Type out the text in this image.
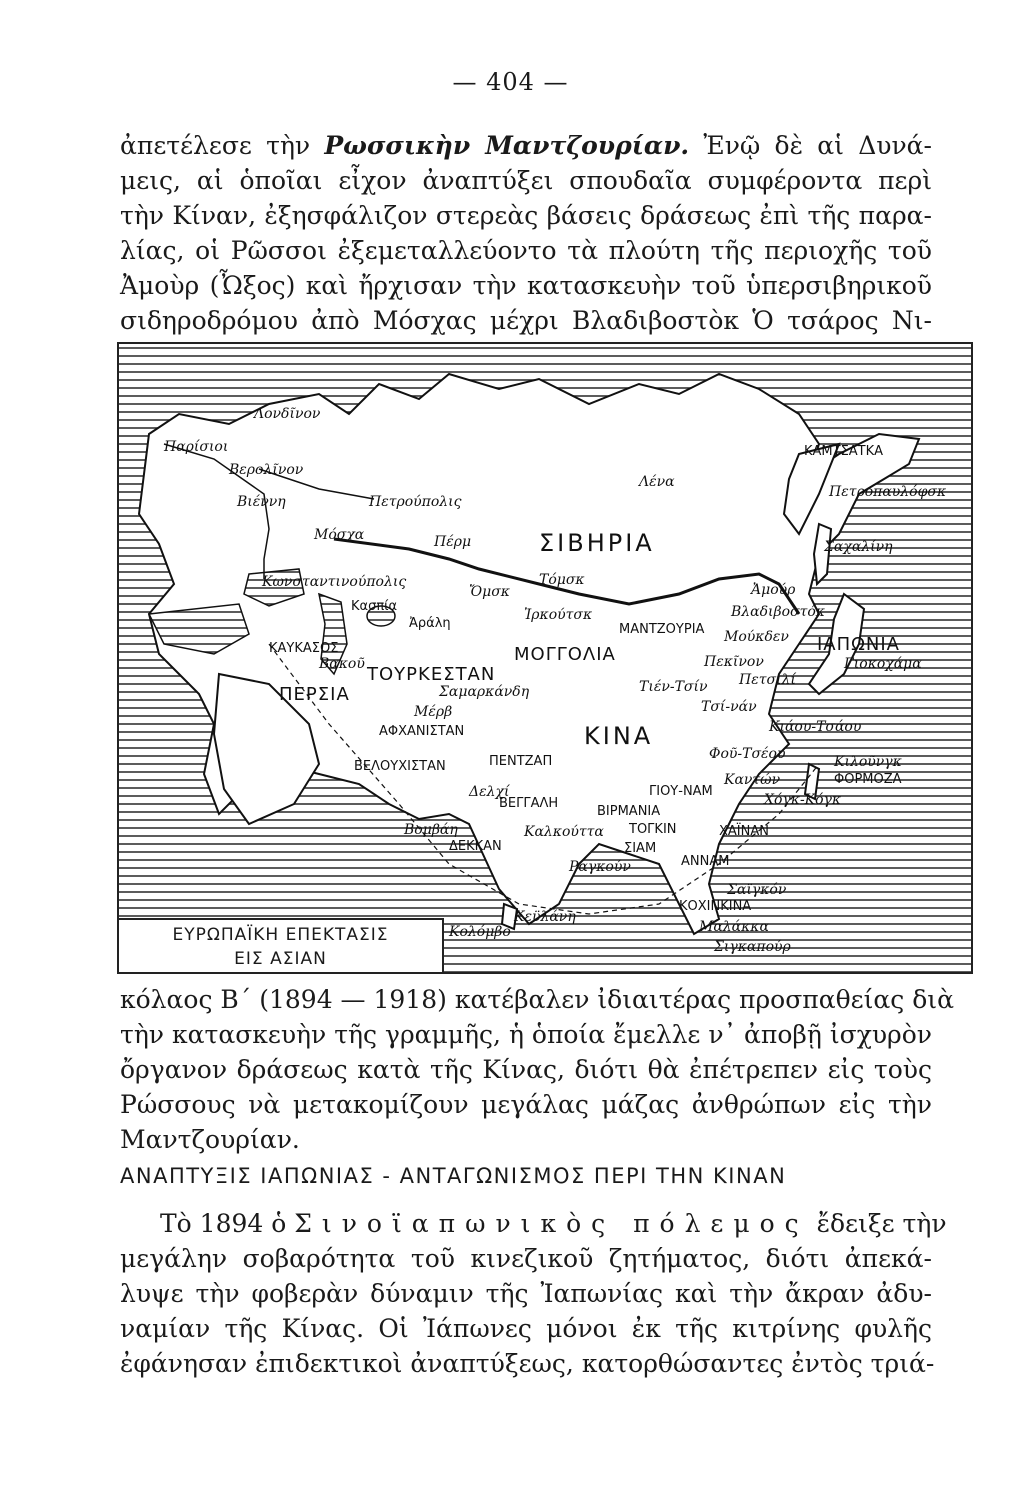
— 404 —
ἀπετέλεσε τὴν Ρωσσικὴν Μαντζουρίαν. Ἐνῷ δὲ αἱ Δυνά-
μεις, αἱ ὁποῖαι εἶχον ἀναπτύξει σπουδαῖα συμφέροντα περὶ
τὴν Κίναν, ἐξησφάλιζον στερεὰς βάσεις δράσεως ἐπὶ τῆς παρα-
λίας, οἱ Ρῶσσοι ἐξεμεταλλεύοντο τὰ πλούτη τῆς περιοχῆς τοῦ
Ἀμοὺρ (Ὦξος) καὶ ἤρχισαν τὴν κατασκευὴν τοῦ ὑπερσιβηρικοῦ
σιδηροδρόμου ἀπὸ Μόσχας μέχρι Βλαδιβοστὸκ Ὁ τσάρος Νι-
Λονδῖνον
Παρίσιοι
Βερολῖνον
Βιέννη	Πετρούπολις
Μόσχα	Πέρμ
Κωνσταντινούπολις
Ὄμσκ
Τόμσκ
Κασπία
Ἀράλη
ΚΑΥΚΑΣΟΣ
Βακοῦ ΤΟΥΡΚΕΣΤΑΝ
ΜΟΓΓΟΛΙΑ
ΠΕΡΣΙΑ	Σαμαρκάνδη
Μέρβ
ΑΦΧΑΝΙΣΤΑΝ
ΒΕΛΟΥΧΙΣΤΑΝ
Δελχί
ΠΕΝΤΖΑΠ
ΣΙΒΗΡΙΑ
Λένα
ΚΑΜΤΣΑΤΚΑ
Πετροπαυλόφσκ
Σαχαλίνη
Ἀμούρ
Ἰρκούτσκ	Βλαδιβοστόκ
ΜΑΝΤΖΟΥΡΙΑ Μούκδεν ΙΑΠΩΝΙΑ
Γιοκοχάμα
Πεκῖνον
Τιέν-Τσίν Πετσιλί
Τσί-νάν
Κιάου-Τσάου
ΚΙΝΑ
Φοῦ-Τσέου	Κιλοῦνγκ
ΦΟΡΜΟΖΑ
Καντών
Χόγκ-Κόγκ
ΓΙΟΥ-ΝΑΜ
ΒΕΓΓΑΛΗ
ΒΙΡΜΑΝΙΑ
Καλκούττα
Βομβάη
ΔΕΚΚΑΝ
ΤΟΓΚΙΝ	ΧΑΪΝΑΝ
ΣΙΑΜ
ΑΝΝΑΜ
Ραγκούν
Σαϊγκόν
ΚΟΧΙΝΚΙΝΑ
Κεϋλάνη
Κολόμβο	Μαλάκκα
Σιγκαπούρ
ΕΥΡΩΠΑΪΚΗ ΕΠΕΚΤΑΣΙΣ
ΕΙΣ ΑΣΙΑΝ
κόλαος Β´ (1894 — 1918) κατέβαλεν ἰδιαιτέρας προσπαθείας διὰ
τὴν κατασκευὴν τῆς γραμμῆς, ἡ ὁποία ἔμελλε ν᾿ ἀποβῇ ἰσχυρὸν
ὄργανον δράσεως κατὰ τῆς Κίνας, διότι θὰ ἐπέτρεπεν εἰς τοὺς
Ρώσσους νὰ μετακομίζουν μεγάλας μάζας ἀνθρώπων εἰς τὴν
Μαντζουρίαν.
ΑΝΑΠΤΥΞΙΣ ΙΑΠΩΝΙΑΣ - ΑΝΤΑΓΩΝΙΣΜΟΣ ΠΕΡΙ ΤΗΝ ΚΙΝΑΝ
Τὸ 1894 ὁ Σινοϊαπωνικὸς πόλεμος ἔδειξε τὴν
μεγάλην σοβαρότητα τοῦ κινεζικοῦ ζητήματος, διότι ἀπεκά-
λυψε τὴν φοβερὰν δύναμιν τῆς Ἰαπωνίας καὶ τὴν ἄκραν ἀδυ-
ναμίαν τῆς Κίνας. Οἱ Ἰάπωνες μόνοι ἐκ τῆς κιτρίνης φυλῆς
ἐφάνησαν ἐπιδεκτικοὶ ἀναπτύξεως, κατορθώσαντες ἐντὸς τριά-
